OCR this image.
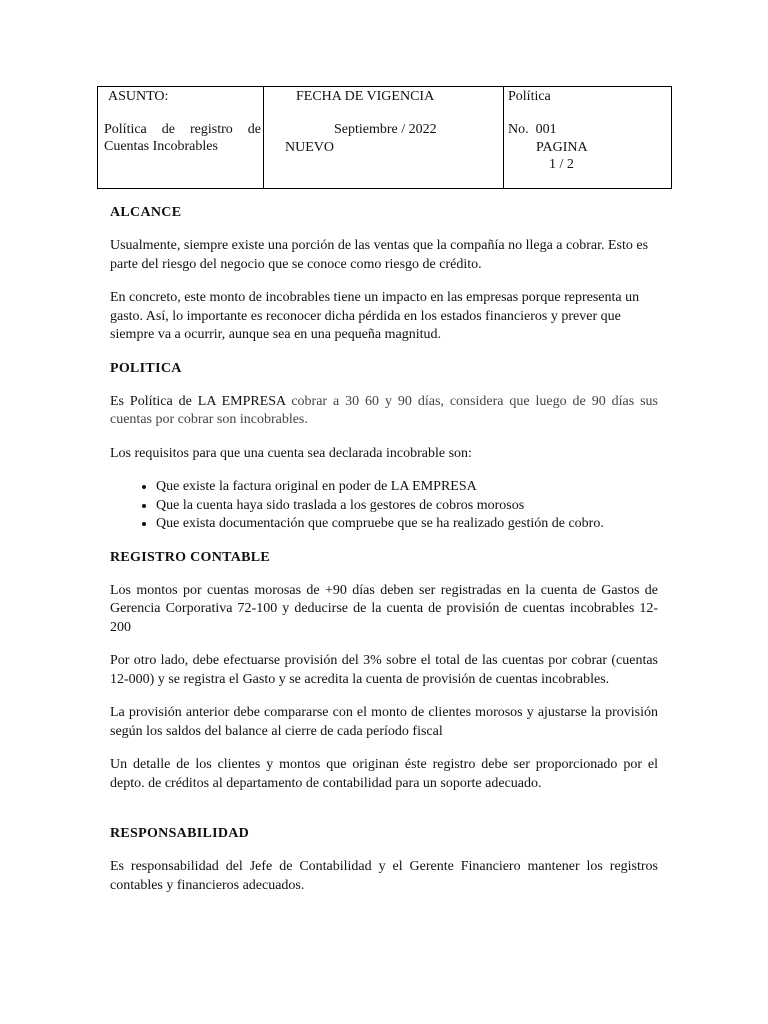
ASUNTO:
Política de registro de
Cuentas Incobrables
FECHA DE VIGENCIA
Septiembre / 2022
NUEVO
Política
No.  001
PAGINA
1 / 2
ALCANCE

Usualmente, siempre existe una porción de las ventas que la compañía no llega a cobrar. Esto es parte del riesgo del negocio que se conoce como riesgo de crédito.

En concreto, este monto de incobrables tiene un impacto en las empresas porque representa un gasto. Así, lo importante es reconocer dicha pérdida en los estados financieros y prever que siempre va a ocurrir, aunque sea en una pequeña magnitud.

POLITICA

Es Política de LA EMPRESA cobrar a 30 60 y 90 días, considera que luego de 90 días sus cuentas por cobrar son incobrables.

Los requisitos para que una cuenta sea declarada incobrable son:

• Que existe la factura original en poder de LA EMPRESA
• Que la cuenta haya sido traslada a los gestores de cobros morosos
• Que exista documentación que compruebe que se ha realizado gestión de cobro.
REGISTRO CONTABLE

Los montos por cuentas morosas de +90 días deben ser registradas en la cuenta de Gastos de Gerencia Corporativa 72-100 y deducirse de la cuenta de provisión de cuentas incobrables 12-200

Por otro lado, debe efectuarse provisión del 3% sobre el total de las cuentas por cobrar (cuentas 12-000) y se registra el Gasto y se acredita la cuenta de provisión de cuentas incobrables.

La provisión anterior debe compararse con el monto de clientes morosos y ajustarse la provisión según los saldos del balance al cierre de cada período fiscal

Un detalle de los clientes y montos que originan éste registro debe ser proporcionado por el depto. de créditos al departamento de contabilidad para un soporte adecuado.

RESPONSABILIDAD

Es responsabilidad del Jefe de Contabilidad y el Gerente Financiero mantener los registros contables y financieros adecuados.
